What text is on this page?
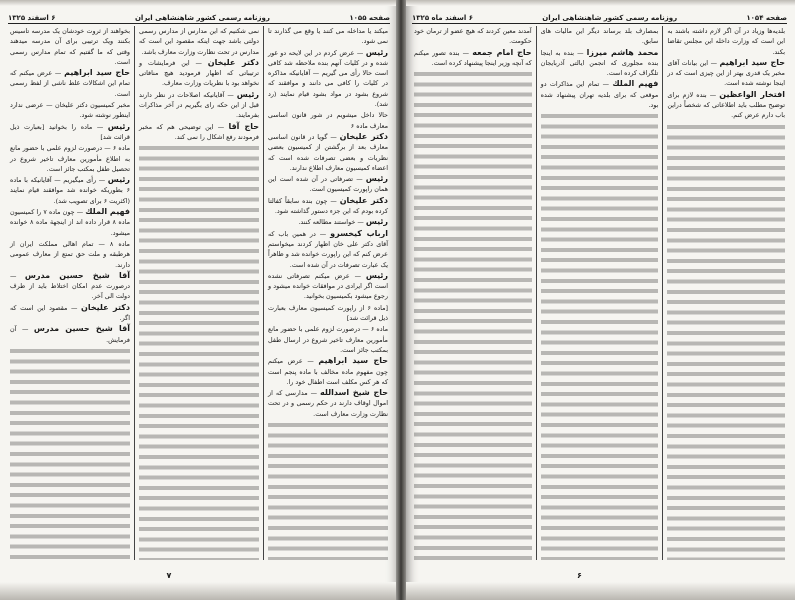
صفحه ۱۰۵۵
روزنامه رسمی کشور شاهنشاهی ایران
۶ اسفند ۱۳۲۵
میکند یا مداخله می کنند یا وقع می گذارند تا نمی شود.
رئیس — عرض کردم در این لایحه دو غور شده و در کلیات آنهم بنده ملاحظه شد کافی است حالا رأی می گیریم — آقایانیکه مذاکره در کلیات را کافی می دانند و موافقند که شروع بشود در مواد بشود قیام نمایند (رد شد).
حالا داخل میشویم در شور قانون اساسی معارف ماده ۶
دکتر علیخان — گویا در قانون اساسی معارف بعد از برگشتن از کمیسیون بعضی نظریات و بعضی تصرفات شده است که اعضاء کمیسیون معارف اطلاع ندارند.
رئیس — تصرفاتی در آن شده است این همان راپورت کمیسیون است.
دکتر علیخان — چون بنده سابقاً کفالتا کرده بودم که این جزء دستور گذاشته شود.
رئیس — خواستند مطالعه کنند.
ارباب کیخسرو — در همین باب که آقای دکتر علی خان اظهار کردند میخواستم عرض کنم که این راپورت خوانده شد و ظاهراً یک عبارت تصرفات در آن شده است.
رئیس — عرض میکنم تصرفاتی نشده است اگر ایرادی در موافقات خوانده میشود و رجوع میشود بکمیسیون بخوانید.
[ماده ۶ از راپورت کمیسیون معارف بعبارت ذیل قرائت شد]
ماده ۶ — درصورت لزوم علمی با حضور مانع مأمورین معارف تاخیر شروع در ارسال طفل بمکتب جائز است.
حاج سید ابراهیم — عرض میکنم چون مفهوم ماده مخالف با ماده پنجم است که هر کس مکلف است اطفال خود را.
حاج شیخ اسدالله — مدارسی که از اموال اوقاف دارند در حکم رسمی و در تحت نظارت وزارت معارف است.
نمی شکنیم که این مدارس از مدارس رسمی دولتی باشد جهت اینکه مقصود این است که مدارس در تحت نظارت وزارت معارف باشد.
دکتر علیخان — این فرمایشات و ترتیباتی که اظهار فرمودید هیچ منافاتی نخواهد بود با نظریات وزارت معارف.
رئیس — آقایانیکه اصلاحات در نظر دارند قبل از این حکه رای بگیریم در آخر مذاکرات بفرمایند.
حاج آقا — این توضیحی هم که مخبر فرمودند رفع اشکال را نمی کند.
بخواهند از ثروت خودشان یک مدرسه تاسیس بکنند ویک ترتیبی برای آن مدرسه میدهند وقتی که ما گفتیم که تمام مدارس رسمی است.
حاج سید ابراهیم — عرض میکنم که تمام این اشکالات غلط ناشی از لفظ رسمی است.
مخبر کمیسیون دکتر علیخان — عرضی ندارد اینطور نوشته شود.
رئیس — ماده را بخوانید [بعبارت ذیل قرائت شد]
ماده ۶ — درصورت لزوم علمی با حضور مانع به اطلاع مأمورین معارف تاخیر شروع در تحصیل طفل بمکتب جائز است.
رئیس — رأی میگیریم — آقایانیکه با ماده ۶ بطوریکه خوانده شد موافقند قیام نمایند (اکثریت ۶ برای تصویب شد).
فهیم الملك — چون ماده ۷ را کمیسیون ماده ۸ قرار داده اند از اینجهة ماده ۸ خوانده میشود.
ماده ۸ — تمام اهالی مملکت ایران از هرطبقه و ملت حق تمتع از معارف عمومی دارند.
آقا شیخ حسین مدرس — درصورت عدم امکان اختلاط باید از طرف دولت الی آخر.
دکتر علیخان — مقصود این است که اگر.
آقا شیخ حسین مدرس — آن فرمایش.
۷
صفحه ۱۰۵۴
روزنامه رسمی کشور شاهنشاهی ایران
۶ اسفند ماه ۱۳۲۵
بلدیه‌ها وزیاد در آن اگر لازم داشته باشند به این است که وزارت داخله این مجلس تقاضا بکند.
حاج سید ابراهیم — این بیانات آقای مخبر یک قدری بهتر از این چیزی است که در اینجا نوشته شده است.
افتخار الواعظین — بنده لازم برای توضیح مطلب باید اطلاعاتی که شخصاً دراین باب دارم عرض کنم.
بمصارف بلد برساند دیگر این مالیات های سابق.
محمد هاشم میرزا — بنده به اینجا بنده مجلوری که انجمن ایالتی آذربایجان تلگراف کرده است.
فهیم الملك — تمام این مذاکرات دو موقعی که برای بلدیه تهران پیشنهاد شده بود.
آمدند معین کردند که هیچ عضو از ترمان خود حکومت.
حاج امام جمعه — بنده تصور میکنم که آنچه وزیر اینجا پیشنهاد کرده است.
۶
